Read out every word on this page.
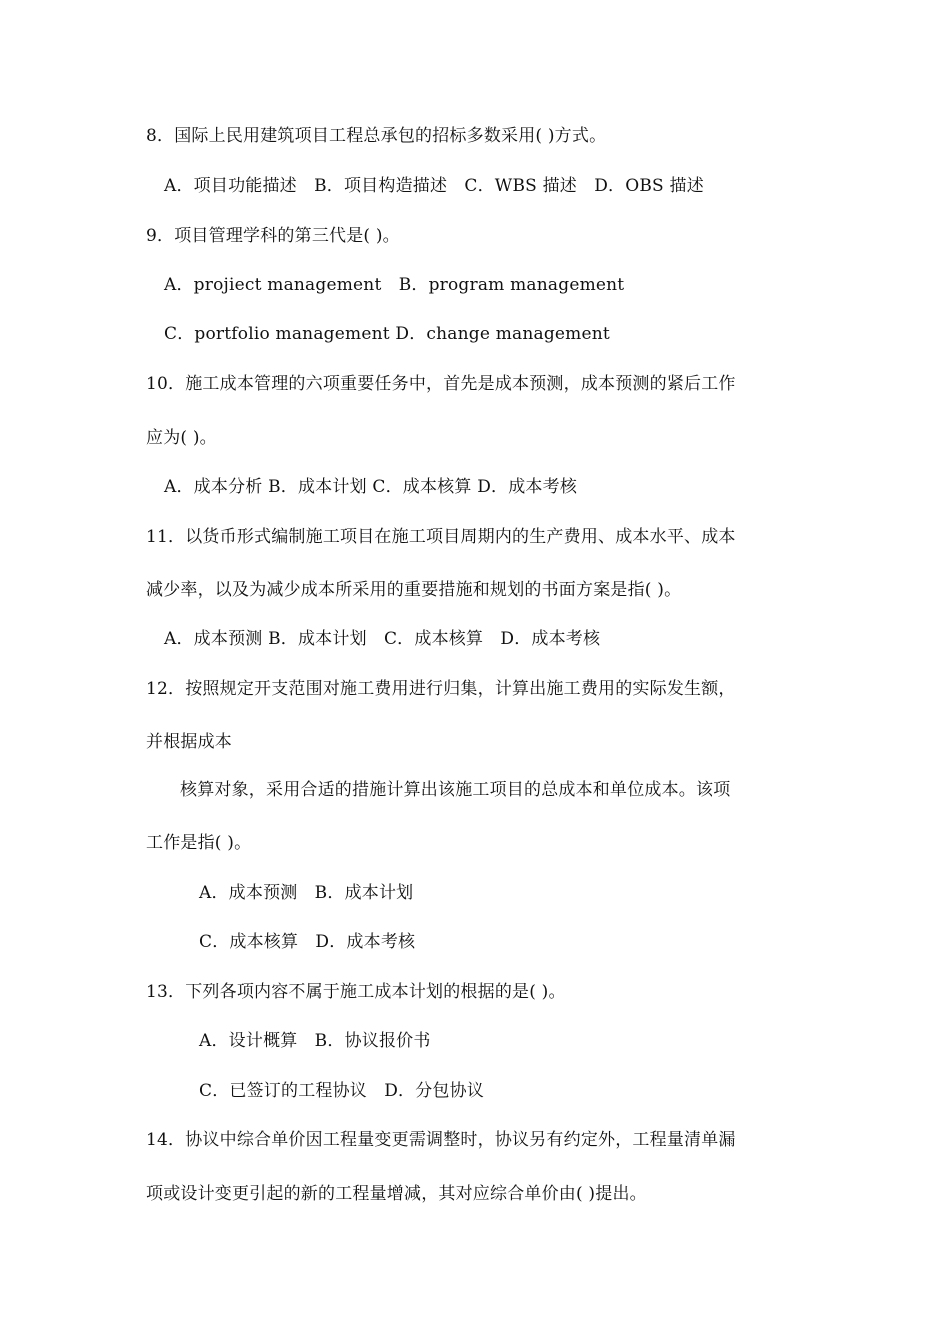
8．国际上民用建筑项目工程总承包的招标多数采用( )方式。
A．项目功能描述　B．项目构造描述　C．WBS 描述　D．OBS 描述
9．项目管理学科的第三代是( )。
A．projiect management　B．program management
C．portfolio management D．change management
10．施工成本管理的六项重要任务中，首先是成本预测，成本预测的紧后工作
应为( )。
A．成本分析 B．成本计划 C．成本核算 D．成本考核
11．以货币形式编制施工项目在施工项目周期内的生产费用、成本水平、成本
减少率，以及为减少成本所采用的重要措施和规划的书面方案是指( )。
A．成本预测 B．成本计划　C．成本核算　D．成本考核
12．按照规定开支范围对施工费用进行归集，计算出施工费用的实际发生额，
并根据成本
核算对象，采用合适的措施计算出该施工项目的总成本和单位成本。该项
工作是指( )。
A．成本预测　B．成本计划
C．成本核算　D．成本考核
13．下列各项内容不属于施工成本计划的根据的是( )。
A．设计概算　B．协议报价书
C．已签订的工程协议　D．分包协议
14．协议中综合单价因工程量变更需调整时，协议另有约定外，工程量清单漏
项或设计变更引起的新的工程量增减，其对应综合单价由( )提出。
